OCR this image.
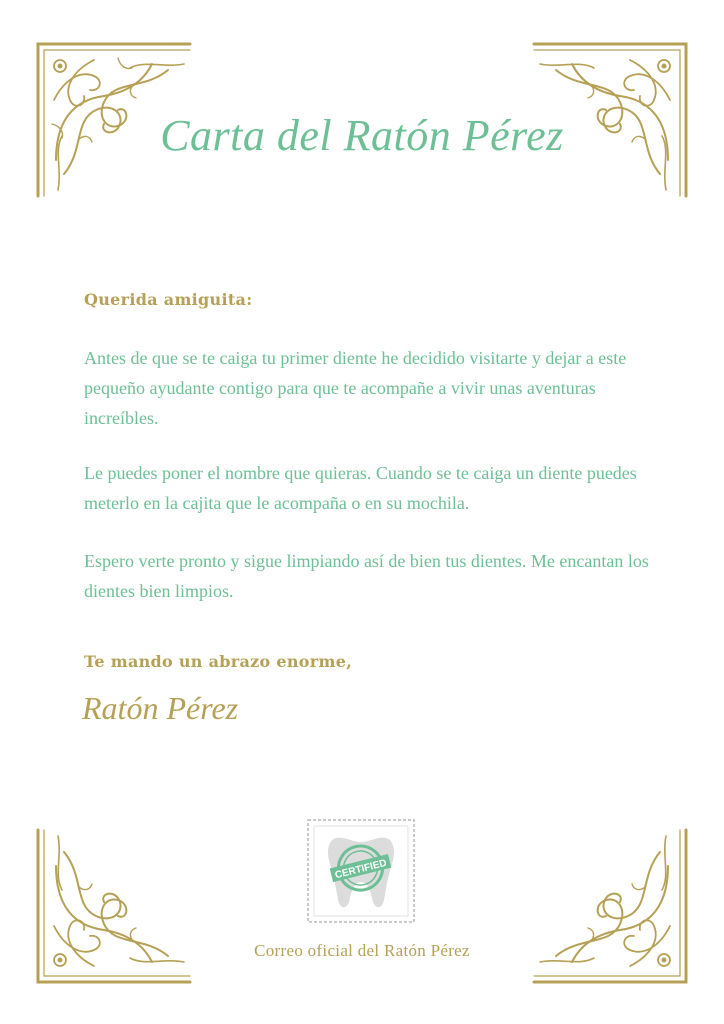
Carta del Ratón Pérez
Querida amiguita:
Antes de que se te caiga tu primer diente he decidido visitarte y dejar a este pequeño ayudante contigo para que te acompañe a vivir unas aventuras increíbles.
Le puedes poner el nombre que quieras. Cuando se te caiga un diente puedes meterlo en la cajita que le acompaña o en su mochila.
Espero verte pronto y sigue limpiando así de bien tus dientes. Me encantan los dientes bien limpios.
Te mando un abrazo enorme,
Ratón Pérez
CERTIFIED
Correo oficial del Ratón Pérez
